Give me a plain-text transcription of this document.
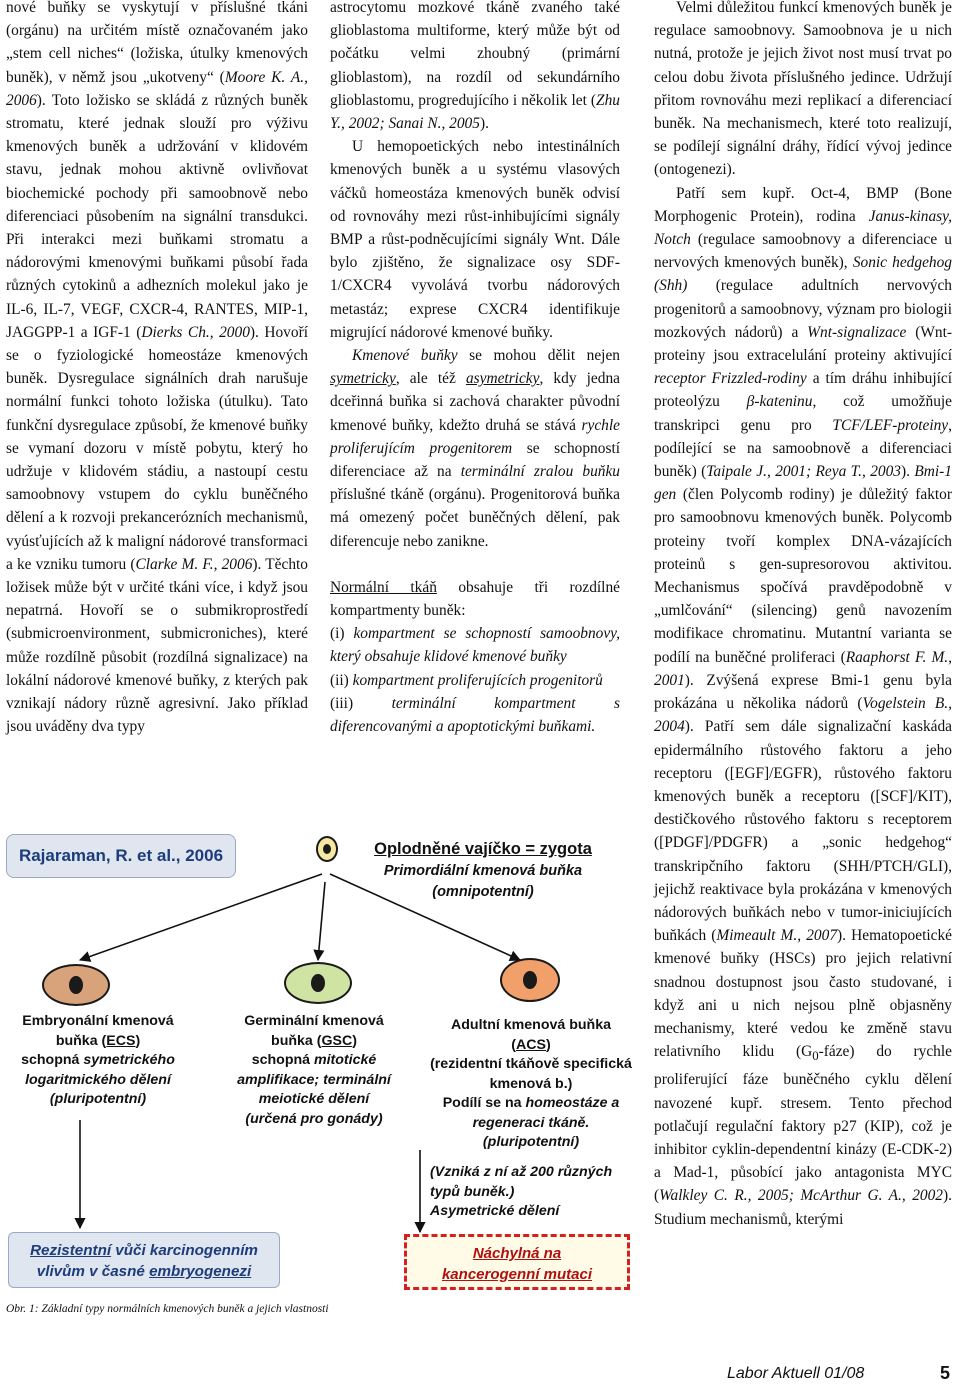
nové buňky se vyskytují v příslušné tkáni (orgánu) na určitém místě označovaném jako „stem cell niches“ (ložiska, útulky kmenových buněk), v němž jsou „ukotveny“ (Moore K. A., 2006). Toto ložisko se skládá z různých buněk stromatu, které jednak slouží pro výživu kmenových buněk a udržování v klidovém stavu, jednak mohou aktivně ovlivňovat biochemické pochody při samoobnově nebo diferenciaci působením na signální transdukci. Při interakci mezi buňkami stromatu a nádorovými kmenovými buňkami působí řada různých cytokinů a adhezních molekul jako je IL-6, IL-7, VEGF, CXCR-4, RANTES, MIP-1, JAGGPP-1 a IGF-1 (Dierks Ch., 2000). Hovoří se o fyziologické homeostáze kmenových buněk. Dysregulace signálních drah narušuje normální funkci tohoto ložiska (útulku). Tato funkční dysregulace způsobí, že kmenové buňky se vymaní dozoru v místě pobytu, který ho udržuje v klidovém stádiu, a nastoupí cestu samoobnovy vstupem do cyklu buněčného dělení a k rozvoji prekancerózních mechanismů, vyúsťujících až k maligní nádorové transformaci a ke vzniku tumoru (Clarke M. F., 2006). Těchto ložisek může být v určité tkáni více, i když jsou nepatrná. Hovoří se o submikroprostředí (submicroenvironment, submicroniches), které může rozdílně působit (rozdílná signalizace) na lokální nádorové kmenové buňky, z kterých pak vznikají nádory různě agresivní. Jako příklad jsou uváděny dva typy

astrocytomu mozkové tkáně zvaného také glioblastoma multiforme, který může být od počátku velmi zhoubný (primární glioblastom), na rozdíl od sekundárního glioblastomu, progredujícího i několik let (Zhu Y., 2002; Sanai N., 2005).

U hemopoetických nebo intestinálních kmenových buněk a u systému vlasových váčků homeostáza kmenových buněk odvisí od rovnováhy mezi růst-inhibujícími signály BMP a růst-podněcujícími signály Wnt. Dále bylo zjištěno, že signalizace osy SDF-1/CXCR4 vyvolává tvorbu nádorových metastáz; exprese CXCR4 identifikuje migrující nádorové kmenové buňky.

Kmenové buňky se mohou dělit nejen symetricky, ale též asymetricky, kdy jedna dceřinná buňka si zachová charakter původní kmenové buňky, kdežto druhá se stává rychle proliferujícím progenitorem se schopností diferenciace až na terminální zralou buňku příslušné tkáně (orgánu). Progenitorová buňka má omezený počet buněčných dělení, pak diferencuje nebo zanikne.

Normální tkáň obsahuje tři rozdílné kompartmenty buněk:

(i) kompartment se schopností samoobnovy, který obsahuje klidové kmenové buňky

(ii) kompartment proliferujících progenitorů

(iii) terminální kompartment s diferencovanými a apoptotickými buňkami.

Velmi důležitou funkcí kmenových buněk je regulace samoobnovy. Samoobnova je u nich nutná, protože je jejich život nost musí trvat po celou dobu života příslušného jedince. Udržují přitom rovnováhu mezi replikací a diferenciací buněk. Na mechanismech, které toto realizují, se podílejí signální dráhy, řídící vývoj jedince (ontogenezi).

Patří sem kupř. Oct-4, BMP (Bone Morphogenic Protein), rodina Janus-kinasy, Notch (regulace samoobnovy a diferenciace u nervových kmenových buněk), Sonic hedgehog (Shh) (regulace adultních nervových progenitorů a samoobnovy, význam pro biologii mozkových nádorů) a Wnt-signalizace (Wnt-proteiny jsou extracelulání proteiny aktivující receptor Frizzled-rodiny a tím dráhu inhibující proteolýzu β-kateninu, což umožňuje transkripci genu pro TCF/LEF-proteiny, podílející se na samoobnově a diferenciaci buněk) (Taipale J., 2001; Reya T., 2003). Bmi-1 gen (člen Polycomb rodiny) je důležitý faktor pro samoobnovu kmenových buněk. Polycomb proteiny tvoří komplex DNA-vázajících proteinů s gen-supresorovou aktivitou. Mechanismus spočívá pravděpodobně v „umlčování“ (silencing) genů navozením modifikace chromatinu. Mutantní varianta se podílí na buněčné proliferaci (Raaphorst F. M., 2001). Zvýšená exprese Bmi-1 genu byla prokázána u několika nádorů (Vogelstein B., 2004). Patří sem dále signalizační kaskáda epidermálního růstového faktoru a jeho receptoru ([EGF]/EGFR), růstového faktoru kmenových buněk a receptoru ([SCF]/KIT), destičkového růstového faktoru s receptorem ([PDGF]/PDGFR) a „sonic hedgehog“ transkripčního faktoru (SHH/PTCH/GLI), jejichž reaktivace byla prokázána v kmenových nádorových buňkách nebo v tumor-iniciujících buňkách (Mimeault M., 2007). Hematopoetické kmenové buňky (HSCs) pro jejich relativní snadnou dostupnost jsou často studované, i když ani u nich nejsou plně objasněny mechanismy, které vedou ke změně stavu relativního klidu $(G_0-fáze)$ do rychle proliferující fáze buněčného cyklu dělení navozené kupř. stresem. Tento přechod potlačují regulační faktory p27 (KIP), což je inhibitor cyklin-dependentní kinázy (E-CDK-2) a Mad-1, působící jako antagonista MYC (Walkley C. R., 2005; McArthur G. A., 2002). Studium mechanismů, kterými

Rajaraman, R. et al., 2006	Oplodněné vajíčko = zygota
Primordiální kmenová buňka (omnipotentní)
Embryonální kmenová
buňka (ECS)
schopná symetrického logaritmického dělení
(pluripotentní)
Germinální kmenová
buňka (GSC)
schopná mitotické amplifikace; terminální meiotické dělení
(určená pro gonády)
Adultní kmenová buňka
(ACS)
(rezidentní tkáňově specifická kmenová b.)
Podílí se na homeostáze a regeneraci tkáně.
(pluripotentní)
(Vzniká z ní až 200 různých typů buněk.)
Asymetrické dělení
Rezistentní vůči karcinogenním vlivům v časné embryogenezi
Náchylná na
kancerogenní mutaci
Obr. 1: Základní typy normálních kmenových buněk a jejich vlastnosti
Labor Aktuell 01/08	5
